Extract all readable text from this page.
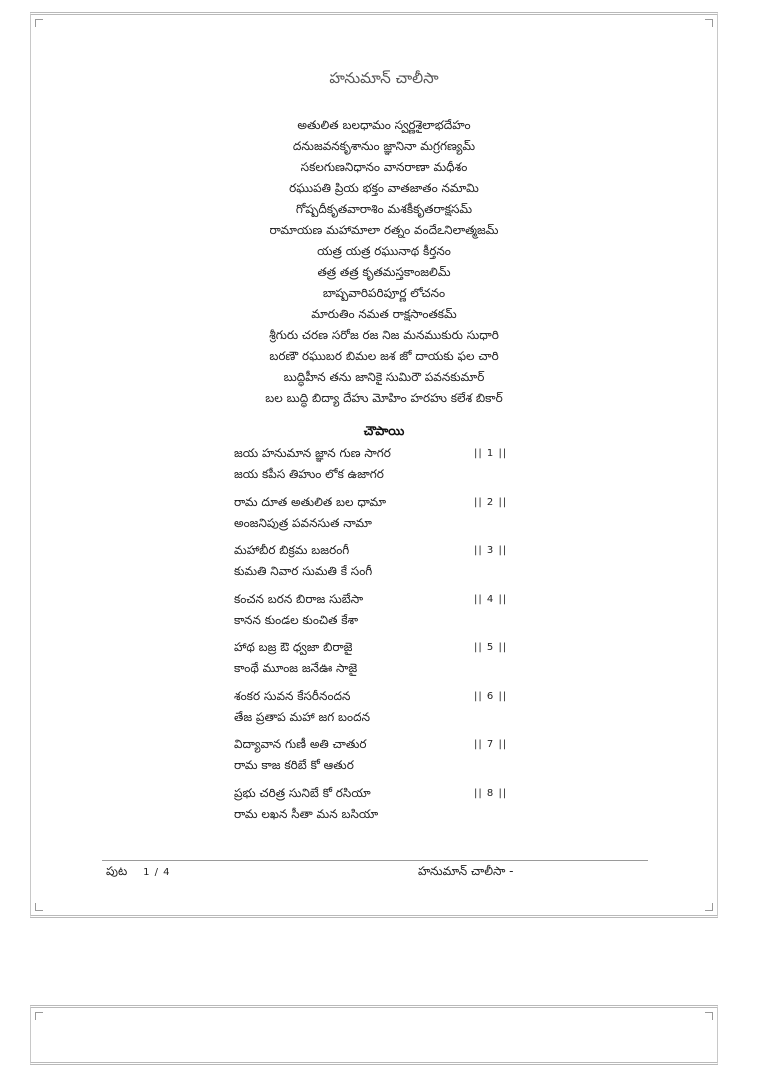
హనుమాన్ చాలీసా
అతులిత బలధామం స్వర్ణశైలాభదేహం
దనుజవనకృశానుం జ్ఞానినా మగ్రగణ్యమ్
సకలగుణనిధానం వానరాణా మధీశం
రఘుపతి ప్రియ భక్తం వాతజాతం నమామి
గోష్పదీకృతవారాశిం మశకీకృతరాక్షసమ్
రామాయణ మహామాలా రత్నం వందేఽనిలాత్మజమ్
యత్ర యత్ర రఘునాథ కీర్తనం
తత్ర తత్ర కృతమస్తకాంజలిమ్
బాష్పవారిపరిపూర్ణ లోచనం
మారుతిం నమత రాక్షసాంతకమ్
శ్రీగురు చరణ సరోజ రజ నిజ మనముకురు సుధారి
బరణౌ రఘుబర బిమల జశ జో దాయకు ఫల చారి
బుద్ధిహీన తను జానికై సుమిరౌ పవనకుమార్
బల బుద్ధి బిద్యా దేహు మోహిం హరహు కలేశ బికార్
చౌపాయి
జయ హనుమాన జ్ఞాన గుణ సాగర
జయ కపీస తిహుం లోక ఉజాగర
|| 1 ||
రామ దూత అతులిత బల ధామా
అంజనిపుత్ర పవనసుత నామా
|| 2 ||
మహాబీర బిక్రమ బజరంగీ
కుమతి నివార సుమతి కే సంగీ
|| 3 ||
కంచన బరన బిరాజ సుబేసా
కానన కుండల కుంచిత కేశా
|| 4 ||
హాథ బజ్ర ఔ ధ్వజా బిరాజై
కాంథే మూంజ జనేఊ సాజై
|| 5 ||
శంకర సువన కేసరీనందన
తేజ ప్రతాప మహా జగ బందన
|| 6 ||
విద్యావాన గుణీ అతి చాతుర
రామ కాజ కరిబే కో ఆతుర
|| 7 ||
ప్రభు చరిత్ర సునిబే కో రసియా
రామ లఖన సీతా మన బసియా
|| 8 ||
పుట 1 / 4	హనుమాన్ చాలీసా -
